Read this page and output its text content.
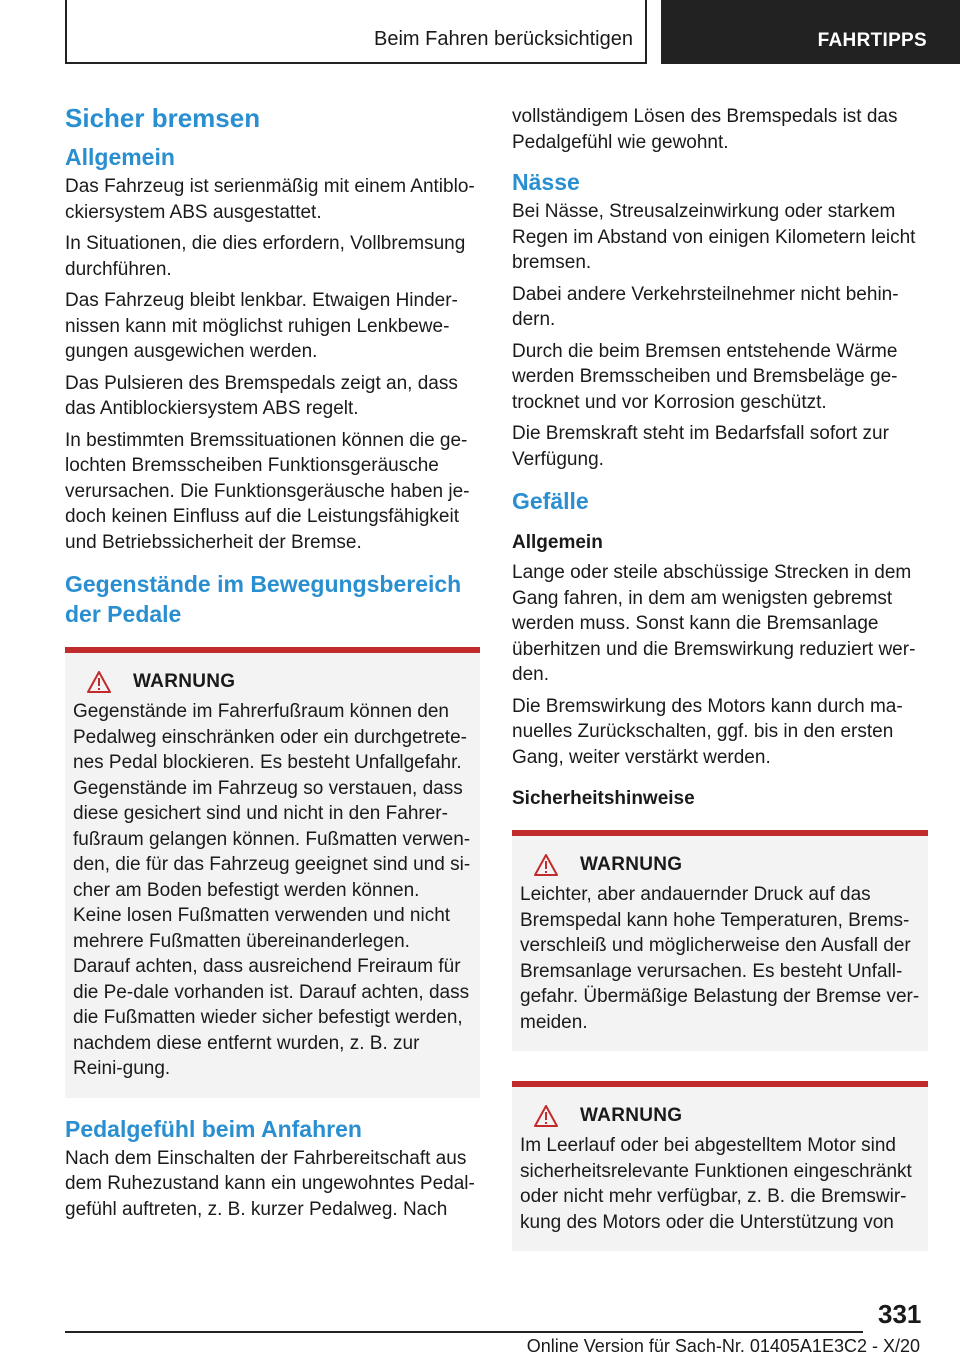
Beim Fahren berücksichtigen	FAHRTIPPS
Sicher bremsen
Allgemein

Das Fahrzeug ist serienmäßig mit einem Antiblo-ckiersystem ABS ausgestattet.

In Situationen, die dies erfordern, Vollbremsung durchführen.

Das Fahrzeug bleibt lenkbar. Etwaigen Hinder-nissen kann mit möglichst ruhigen Lenkbewe-gungen ausgewichen werden.

Das Pulsieren des Bremspedals zeigt an, dass das Antiblockiersystem ABS regelt.

In bestimmten Bremssituationen können die ge-lochten Bremsscheiben Funktionsgeräusche verursachen. Die Funktionsgeräusche haben je-doch keinen Einfluss auf die Leistungsfähigkeit und Betriebssicherheit der Bremse.

Gegenstände im Bewegungsbereich der Pedale
WARNUNG

Gegenstände im Fahrerfußraum können den Pedalweg einschränken oder ein durchgetrete-nes Pedal blockieren. Es besteht Unfallgefahr. Gegenstände im Fahrzeug so verstauen, dass diese gesichert sind und nicht in den Fahrer-fußraum gelangen können. Fußmatten verwen-den, die für das Fahrzeug geeignet sind und si-cher am Boden befestigt werden können. Keine losen Fußmatten verwenden und nicht mehrere Fußmatten übereinanderlegen. Darauf achten, dass ausreichend Freiraum für die Pe-dale vorhanden ist. Darauf achten, dass die Fußmatten wieder sicher befestigt werden, nachdem diese entfernt wurden, z. B. zur Reini-gung.

Pedalgefühl beim Anfahren

Nach dem Einschalten der Fahrbereitschaft aus dem Ruhezustand kann ein ungewohntes Pedal-gefühl auftreten, z. B. kurzer Pedalweg. Nach

vollständigem Lösen des Bremspedals ist das Pedalgefühl wie gewohnt.

Nässe

Bei Nässe, Streusalzeinwirkung oder starkem Regen im Abstand von einigen Kilometern leicht bremsen.

Dabei andere Verkehrsteilnehmer nicht behin-dern.

Durch die beim Bremsen entstehende Wärme werden Bremsscheiben und Bremsbeläge ge-trocknet und vor Korrosion geschützt.

Die Bremskraft steht im Bedarfsfall sofort zur Verfügung.

Gefälle
Allgemein

Lange oder steile abschüssige Strecken in dem Gang fahren, in dem am wenigsten gebremst werden muss. Sonst kann die Bremsanlage überhitzen und die Bremswirkung reduziert wer-den.

Die Bremswirkung des Motors kann durch ma-nuelles Zurückschalten, ggf. bis in den ersten Gang, weiter verstärkt werden.

Sicherheitshinweise
WARNUNG

Leichter, aber andauernder Druck auf das Bremspedal kann hohe Temperaturen, Brems-verschleiß und möglicherweise den Ausfall der Bremsanlage verursachen. Es besteht Unfall-gefahr. Übermäßige Belastung der Bremse ver-meiden.

WARNUNG

Im Leerlauf oder bei abgestelltem Motor sind sicherheitsrelevante Funktionen eingeschränkt oder nicht mehr verfügbar, z. B. die Bremswir-kung des Motors oder die Unterstützung von

331
Online Version für Sach-Nr. 01405A1E3C2 - X/20
